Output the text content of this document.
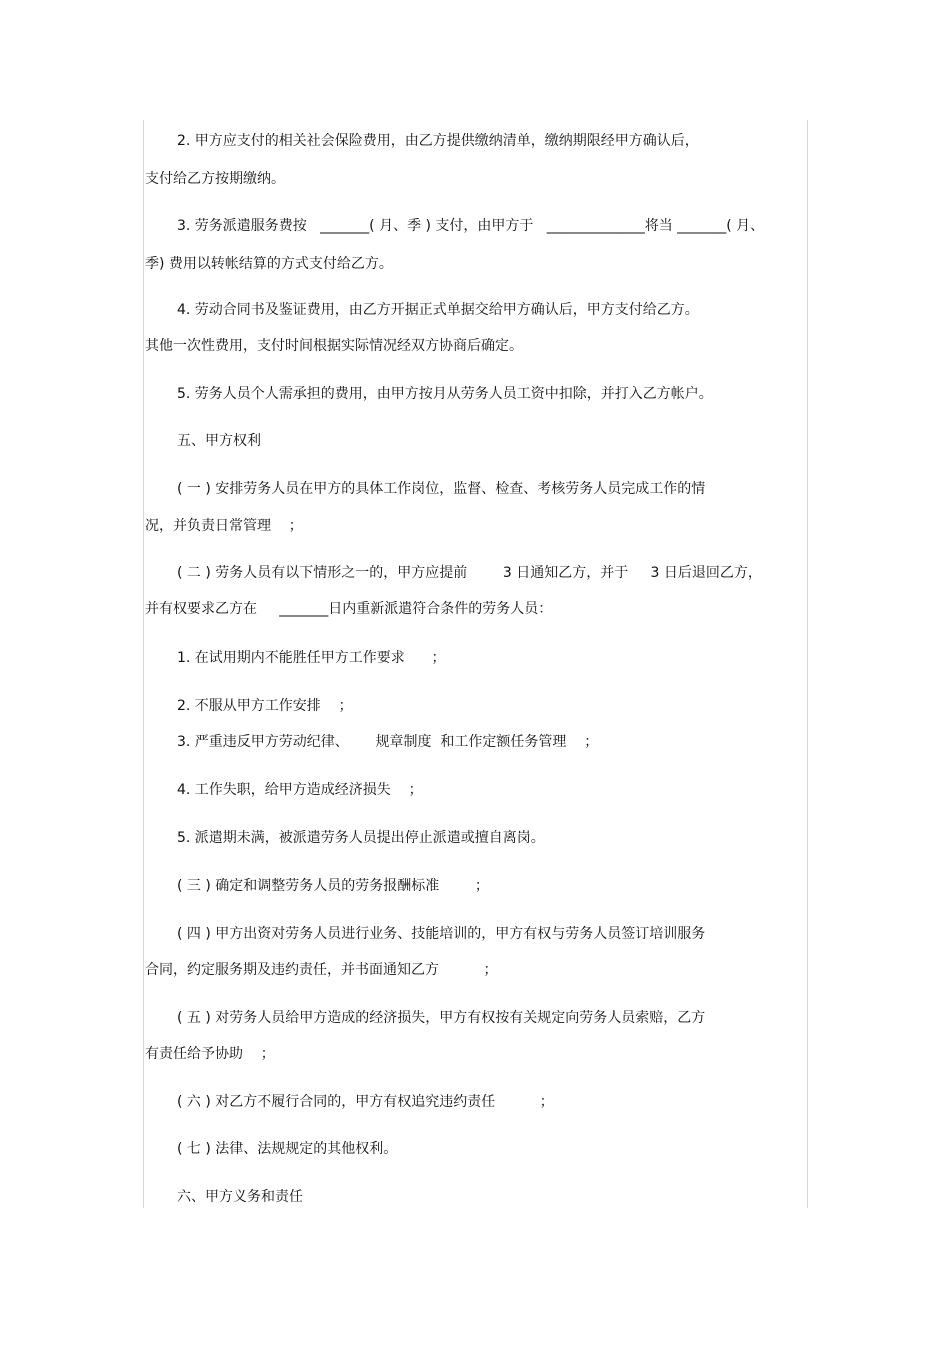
2. 甲方应支付的相关社会保险费用，由乙方提供缴纳清单，缴纳期限经甲方确认后，
支付给乙方按期缴纳。
3. 劳务派遣服务费按   _______( 月、季 ) 支付，由甲方于   ______________将当 _______( 月、
季) 费用以转帐结算的方式支付给乙方。
4. 劳动合同书及鉴证费用，由乙方开据正式单据交给甲方确认后，甲方支付给乙方。
其他一次性费用，支付时间根据实际情况经双方协商后确定。
5. 劳务人员个人需承担的费用，由甲方按月从劳务人员工资中扣除，并打入乙方帐户。
五、甲方权利
( 一 ) 安排劳务人员在甲方的具体工作岗位，监督、检查、考核劳务人员完成工作的情
况，并负责日常管理    ；
( 二 ) 劳务人员有以下情形之一的，甲方应提前        3 日通知乙方，并于     3 日后退回乙方，
并有权要求乙方在     _______日内重新派遣符合条件的劳务人员：
1. 在试用期内不能胜任甲方工作要求      ；
2. 不服从甲方工作安排    ；
3. 严重违反甲方劳动纪律、      规章制度  和工作定额任务管理    ；
4. 工作失职，给甲方造成经济损失    ；
5. 派遣期未满，被派遣劳务人员提出停止派遣或擅自离岗。
( 三 ) 确定和调整劳务人员的劳务报酬标准        ；
( 四 ) 甲方出资对劳务人员进行业务、技能培训的，甲方有权与劳务人员签订培训服务
合同，约定服务期及违约责任，并书面通知乙方          ；
( 五 ) 对劳务人员给甲方造成的经济损失，甲方有权按有关规定向劳务人员索赔，乙方
有责任给予协助    ；
( 六 ) 对乙方不履行合同的，甲方有权追究违约责任          ；
( 七 ) 法律、法规规定的其他权利。
六、甲方义务和责任
